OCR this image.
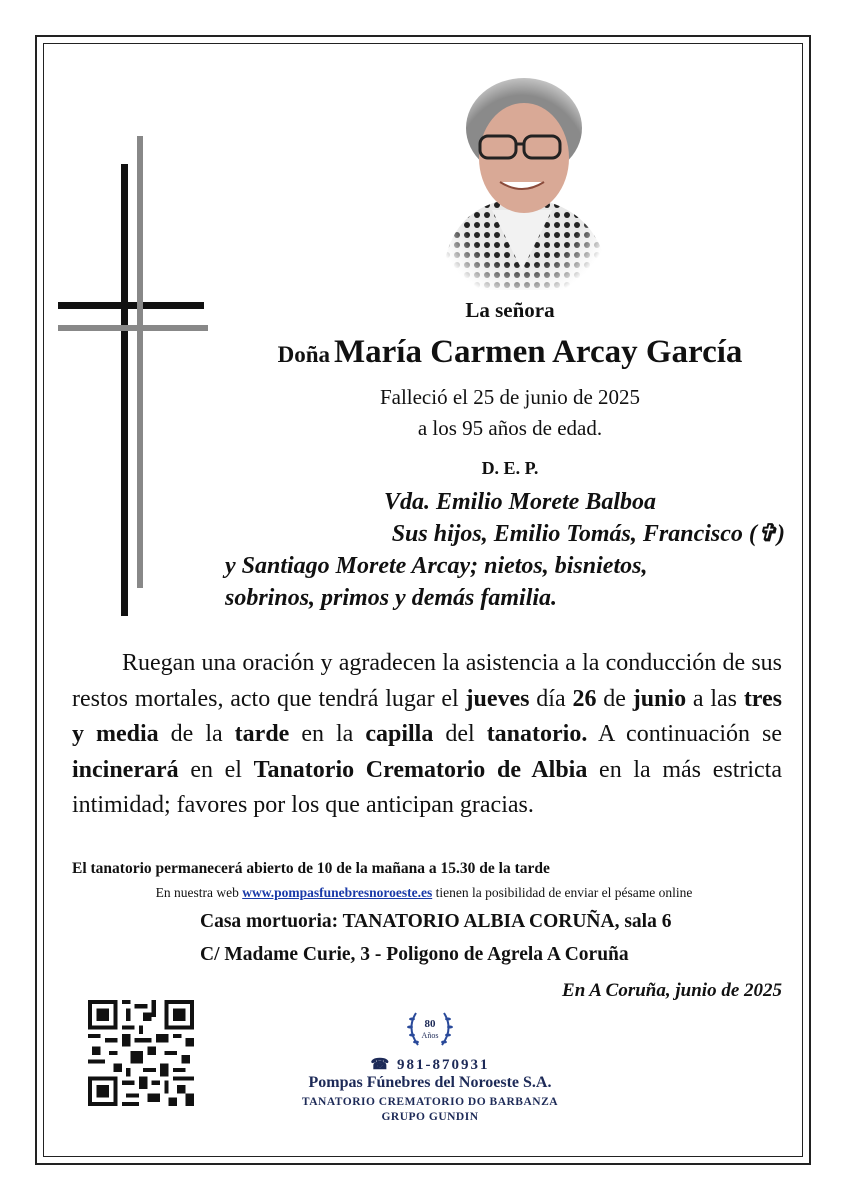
La señora
Doña María Carmen Arcay García
Falleció el 25 de junio de 2025
a los 95 años de edad.
D. E. P.
Vda. Emilio Morete Balboa
Sus hijos, Emilio Tomás, Francisco (✞)
y Santiago Morete Arcay; nietos, bisnietos,
sobrinos, primos y demás familia.
Ruegan una oración y agradecen la asistencia a la conducción de sus restos mortales, acto que tendrá lugar el jueves día 26 de junio a las tres y media de la tarde en la capilla del tanatorio. A continuación se incinerará en el Tanatorio Crematorio de Albia en la más estricta intimidad; favores por los que anticipan gracias.
El tanatorio permanecerá abierto de 10 de la mañana a 15.30 de la tarde
En nuestra web www.pompasfunebresnoroeste.es tienen la posibilidad de enviar el pésame online
Casa mortuoria: TANATORIO ALBIA CORUÑA, sala 6
C/ Madame Curie, 3 - Poligono de Agrela A Coruña
En A Coruña, junio de 2025
80
Años
☎ 981-870931
Pompas Fúnebres del Noroeste S.A.
TANATORIO CREMATORIO DO BARBANZA
GRUPO GUNDIN
